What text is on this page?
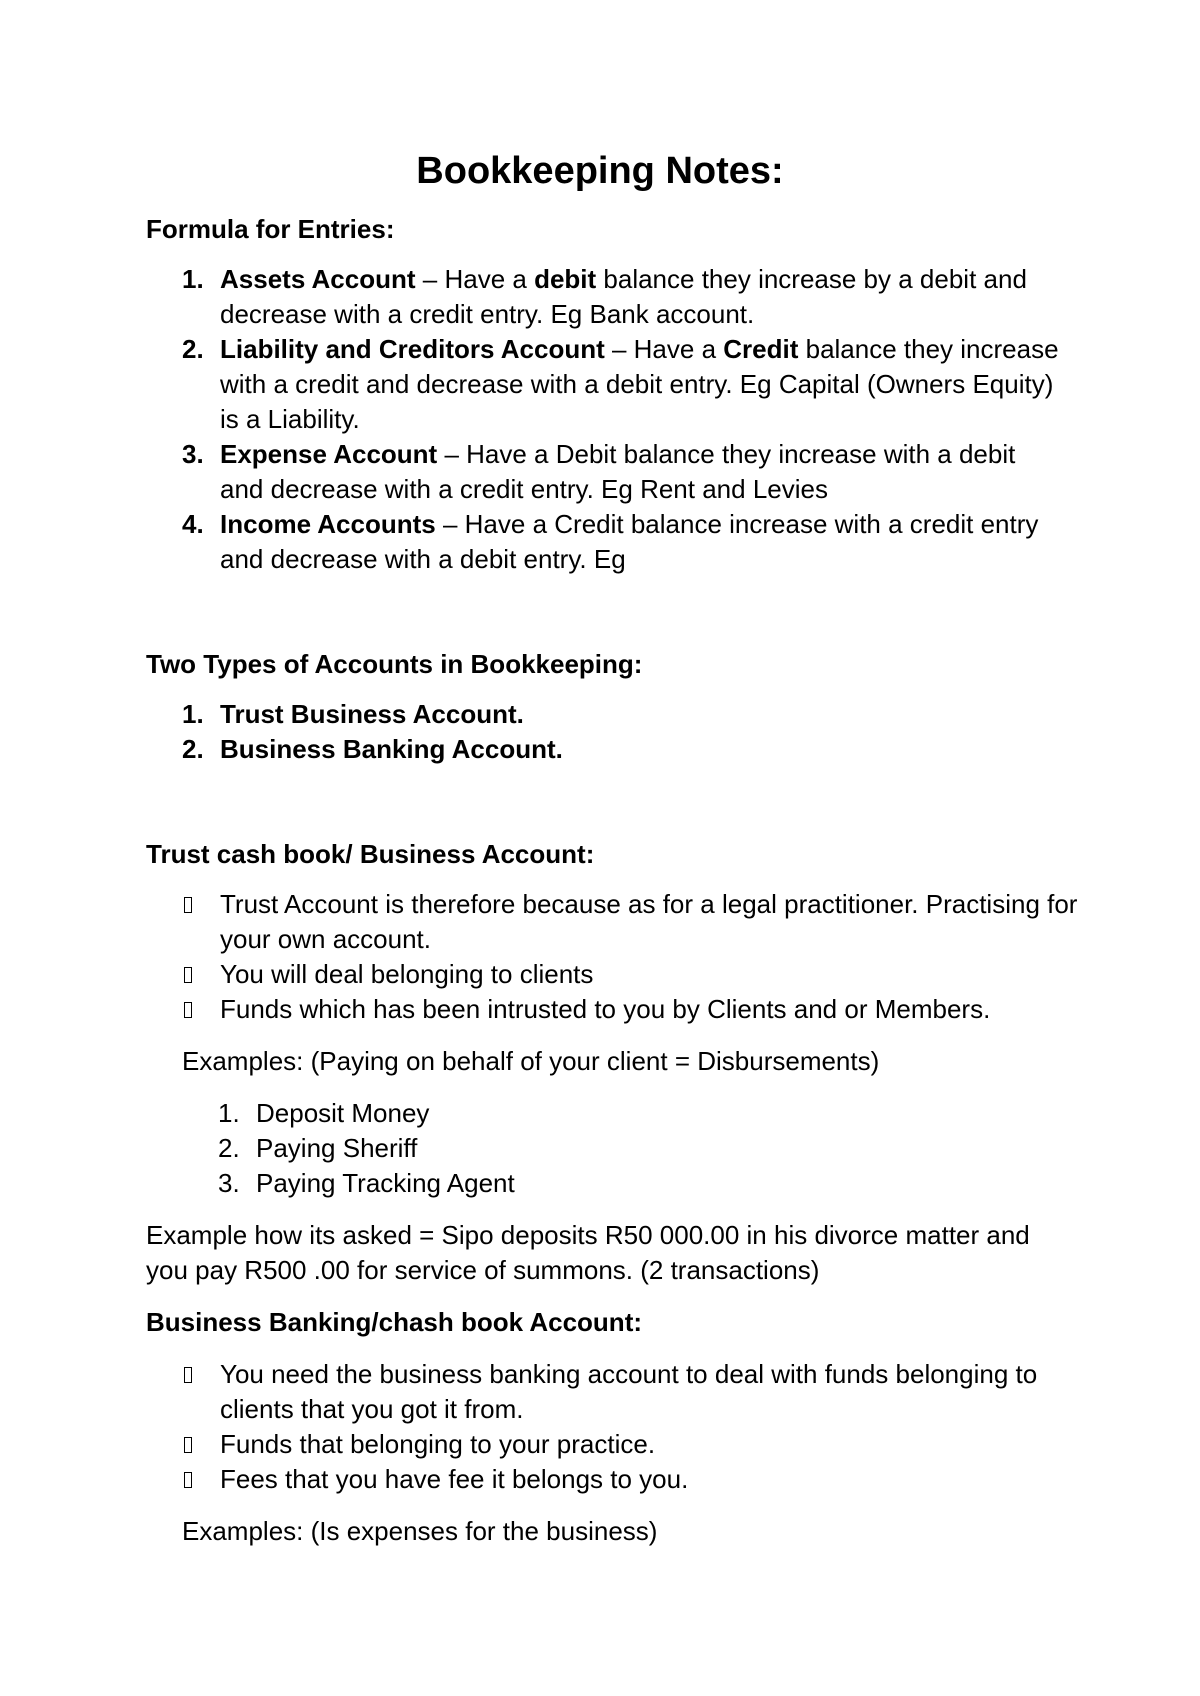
Bookkeeping Notes:
Formula for Entries:
1. Assets Account – Have a debit balance they increase by a debit and decrease with a credit entry. Eg Bank account.
2. Liability and Creditors Account – Have a Credit balance they increase with a credit and decrease with a debit entry. Eg Capital (Owners Equity) is a Liability.
3. Expense Account – Have a Debit balance they increase with a debit and decrease with a credit entry. Eg Rent and Levies
4. Income Accounts – Have a Credit balance increase with a credit entry and decrease with a debit entry. Eg
Two Types of Accounts in Bookkeeping:
1. Trust Business Account.
2. Business Banking Account.
Trust cash book/ Business Account:
Trust Account is therefore because as for a legal practitioner. Practising for your own account.
You will deal belonging to clients
Funds which has been intrusted to you by Clients and or Members.
Examples: (Paying on behalf of your client = Disbursements)
1. Deposit Money
2. Paying Sheriff
3. Paying Tracking Agent
Example how its asked = Sipo deposits R50 000.00 in his divorce matter and you pay R500 .00 for service of summons. (2 transactions)
Business Banking/chash book Account:
You need the business banking account to deal with funds belonging to clients that you got it from.
Funds that belonging to your practice.
Fees that you have fee it belongs to you.
Examples: (Is expenses for the business)
